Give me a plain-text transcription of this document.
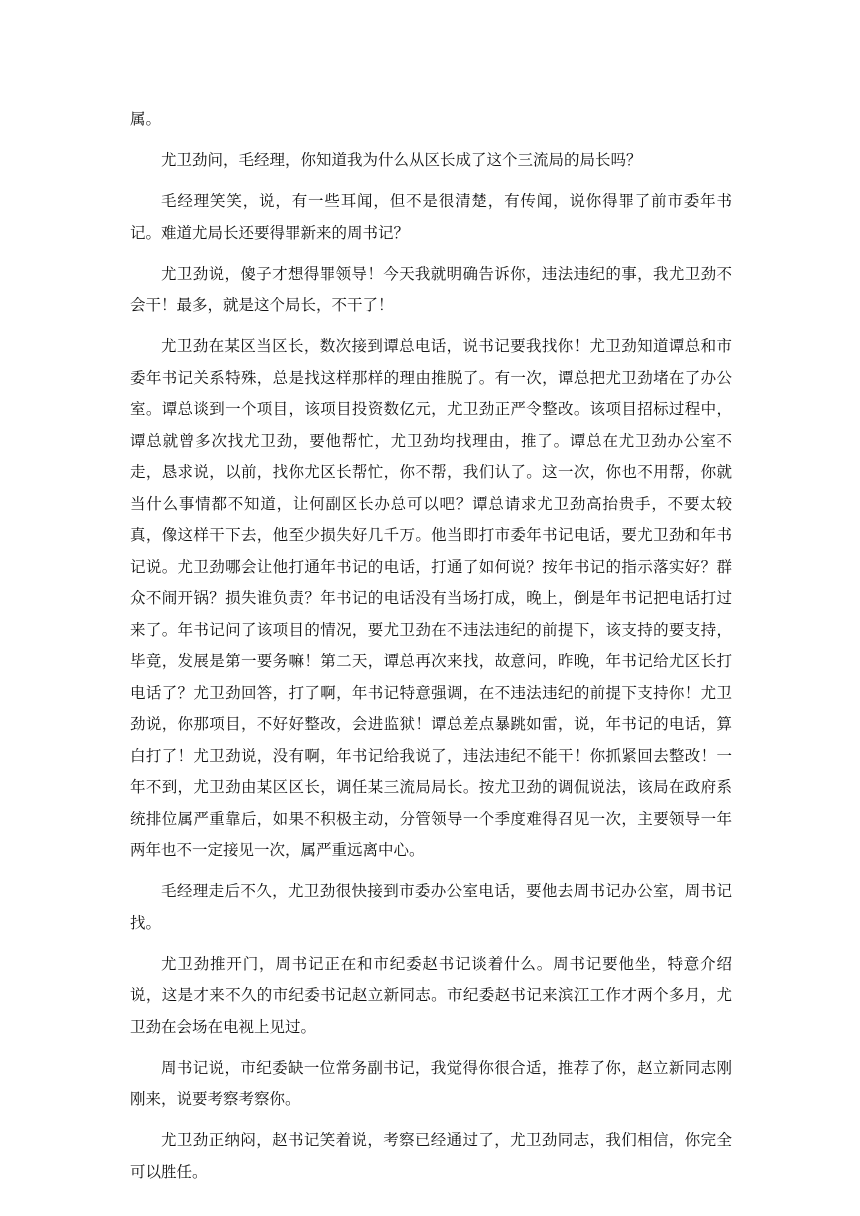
属。

尤卫劲问，毛经理，你知道我为什么从区长成了这个三流局的局长吗？

毛经理笑笑，说，有一些耳闻，但不是很清楚，有传闻，说你得罪了前市委年书记。难道尤局长还要得罪新来的周书记？

尤卫劲说，傻子才想得罪领导！今天我就明确告诉你，违法违纪的事，我尤卫劲不会干！最多，就是这个局长，不干了！

尤卫劲在某区当区长，数次接到谭总电话，说书记要我找你！尤卫劲知道谭总和市委年书记关系特殊，总是找这样那样的理由推脱了。有一次，谭总把尤卫劲堵在了办公室。谭总谈到一个项目，该项目投资数亿元，尤卫劲正严令整改。该项目招标过程中，谭总就曾多次找尤卫劲，要他帮忙，尤卫劲均找理由，推了。谭总在尤卫劲办公室不走，恳求说，以前，找你尤区长帮忙，你不帮，我们认了。这一次，你也不用帮，你就当什么事情都不知道，让何副区长办总可以吧？谭总请求尤卫劲高抬贵手，不要太较真，像这样干下去，他至少损失好几千万。他当即打市委年书记电话，要尤卫劲和年书记说。尤卫劲哪会让他打通年书记的电话，打通了如何说？按年书记的指示落实好？群众不闹开锅？损失谁负责？年书记的电话没有当场打成，晚上，倒是年书记把电话打过来了。年书记问了该项目的情况，要尤卫劲在不违法违纪的前提下，该支持的要支持，毕竟，发展是第一要务嘛！第二天，谭总再次来找，故意问，昨晚，年书记给尤区长打电话了？尤卫劲回答，打了啊，年书记特意强调，在不违法违纪的前提下支持你！尤卫劲说，你那项目，不好好整改，会进监狱！谭总差点暴跳如雷，说，年书记的电话，算白打了！尤卫劲说，没有啊，年书记给我说了，违法违纪不能干！你抓紧回去整改！一年不到，尤卫劲由某区区长，调任某三流局局长。按尤卫劲的调侃说法，该局在政府系统排位属严重靠后，如果不积极主动，分管领导一个季度难得召见一次，主要领导一年两年也不一定接见一次，属严重远离中心。

毛经理走后不久，尤卫劲很快接到市委办公室电话，要他去周书记办公室，周书记找。

尤卫劲推开门，周书记正在和市纪委赵书记谈着什么。周书记要他坐，特意介绍说，这是才来不久的市纪委书记赵立新同志。市纪委赵书记来滨江工作才两个多月，尤卫劲在会场在电视上见过。

周书记说，市纪委缺一位常务副书记，我觉得你很合适，推荐了你，赵立新同志刚刚来，说要考察考察你。

尤卫劲正纳闷，赵书记笑着说，考察已经通过了，尤卫劲同志，我们相信，你完全可以胜任。
